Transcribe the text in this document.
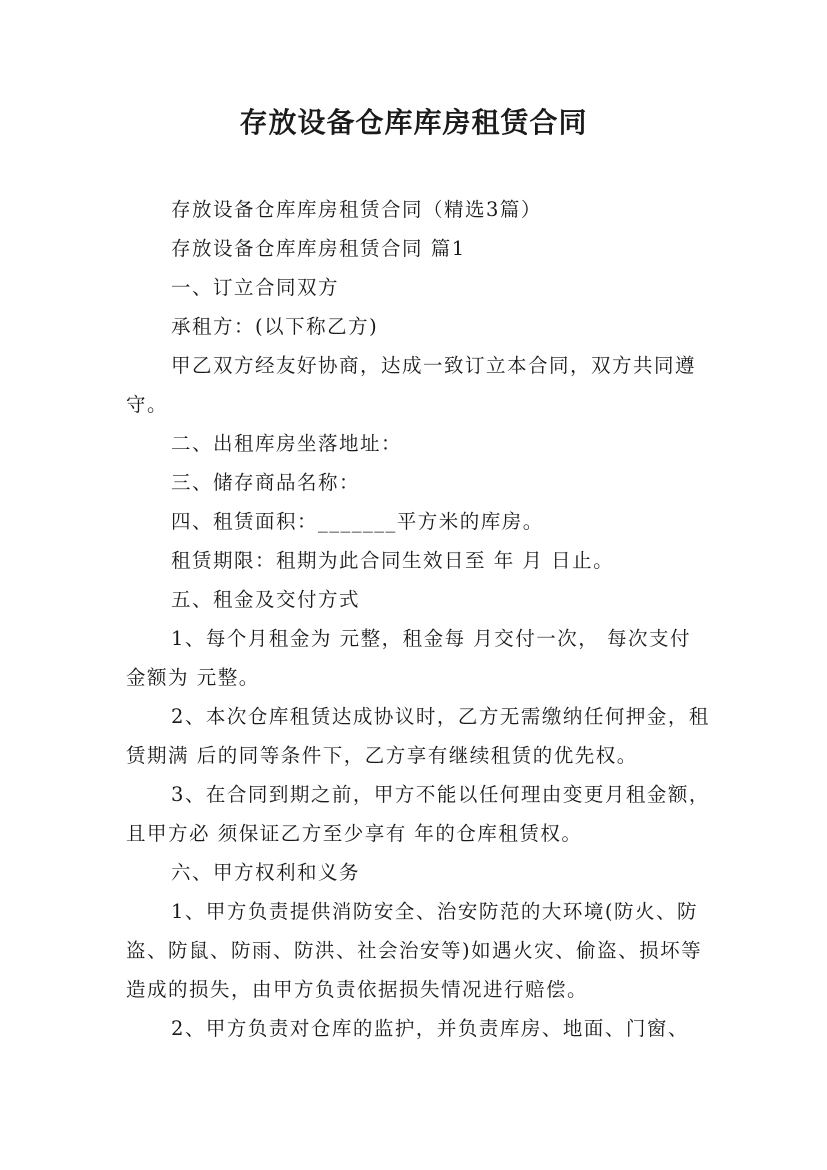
存放设备仓库库房租赁合同

存放设备仓库库房租赁合同（精选3篇）

存放设备仓库库房租赁合同 篇1

一、订立合同双方

承租方：(以下称乙方)

甲乙双方经友好协商，达成一致订立本合同，双方共同遵守。

二、出租库房坐落地址：

三、储存商品名称：

四、租赁面积：_______平方米的库房。

租赁期限：租期为此合同生效日至 年 月 日止。

五、租金及交付方式

1、每个月租金为 元整，租金每 月交付一次， 每次支付金额为 元整。

2、本次仓库租赁达成协议时，乙方无需缴纳任何押金，租赁期满 后的同等条件下，乙方享有继续租赁的优先权。

3、在合同到期之前，甲方不能以任何理由变更月租金额，且甲方必 须保证乙方至少享有 年的仓库租赁权。

六、甲方权利和义务

1、甲方负责提供消防安全、治安防范的大环境(防火、防盗、防鼠、防雨、防洪、社会治安等)如遇火灾、偷盗、损坏等造成的损失，由甲方负责依据损失情况进行赔偿。

2、甲方负责对仓库的监护，并负责库房、地面、门窗、
